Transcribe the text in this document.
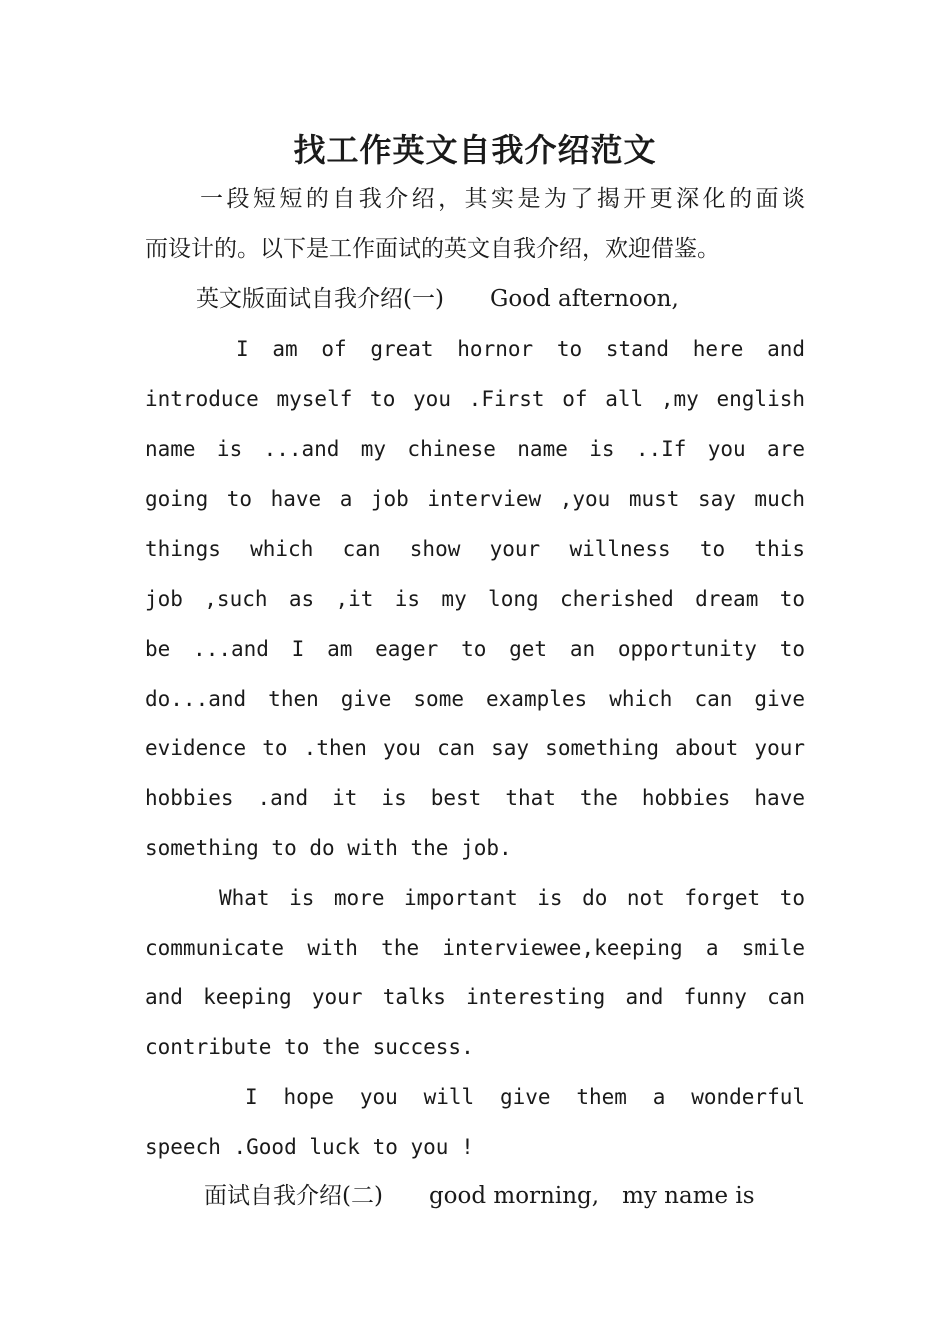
找工作英文自我介绍范文

一段短短的自我介绍，其实是为了揭开更深化的面谈

而设计的。以下是工作面试的英文自我介绍，欢迎借鉴。

英文版面试自我介绍(一)　　Good afternoon,

I am of great hornor to stand here and

introduce myself to you .First of all ,my english

name is ...and my chinese name is ..If you are

going to have a job interview ,you must say much

things which can show your willness to this

job ,such as ,it is my long cherished dream to

be ...and I am eager to get an opportunity to

do...and then give some examples which can give

evidence to .then you can say something about your

hobbies .and it is best that the hobbies have

something to do with the job.

What is more important is do not forget to

communicate with the interviewee,keeping a smile

and keeping your talks interesting and funny can

contribute to the success.

I hope you will give them a wonderful

speech .Good luck to you !

面试自我介绍(二)　　good morning,　my name is
